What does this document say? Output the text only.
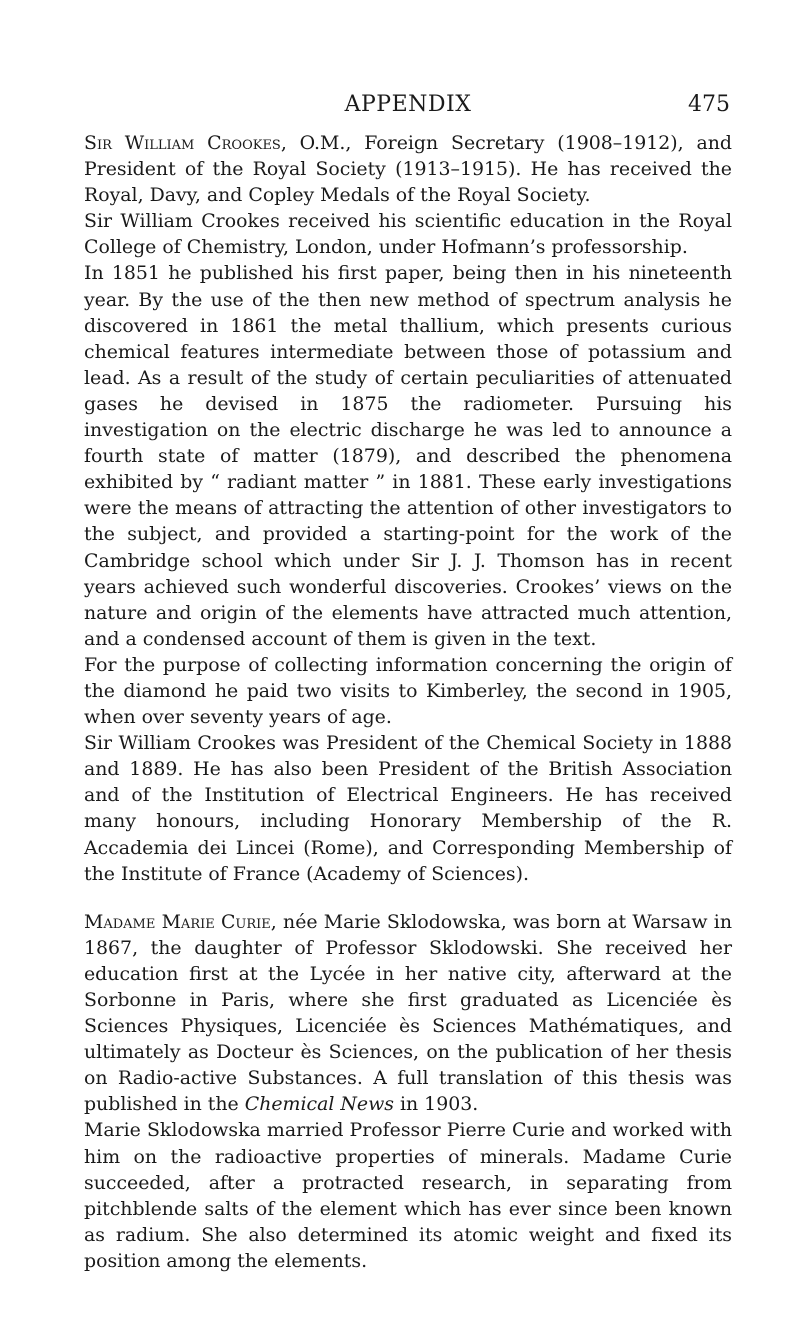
APPENDIX	475

Sir William Crookes, O.M., Foreign Secretary (1908–1912), and President of the Royal Society (1913–1915). He has received the Royal, Davy, and Copley Medals of the Royal Society.

Sir William Crookes received his scientific education in the Royal College of Chemistry, London, under Hofmann’s professorship.

In 1851 he published his first paper, being then in his nineteenth year. By the use of the then new method of spectrum analysis he discovered in 1861 the metal thallium, which presents curious chemical features intermediate between those of potassium and lead. As a result of the study of certain peculiarities of attenuated gases he devised in 1875 the radiometer. Pursuing his investigation on the electric discharge he was led to announce a fourth state of matter (1879), and described the phenomena exhibited by “ radiant matter ” in 1881. These early investigations were the means of attracting the attention of other investigators to the subject, and provided a starting-point for the work of the Cambridge school which under Sir J. J. Thomson has in recent years achieved such wonderful discoveries. Crookes’ views on the nature and origin of the elements have attracted much attention, and a condensed account of them is given in the text.

For the purpose of collecting information concerning the origin of the diamond he paid two visits to Kimberley, the second in 1905, when over seventy years of age.

Sir William Crookes was President of the Chemical Society in 1888 and 1889. He has also been President of the British Association and of the Institution of Electrical Engineers. He has received many honours, including Honorary Membership of the R. Accademia dei Lincei (Rome), and Corresponding Membership of the Institute of France (Academy of Sciences).

Madame Marie Curie, née Marie Sklodowska, was born at Warsaw in 1867, the daughter of Professor Sklodowski. She received her education first at the Lycée in her native city, afterward at the Sorbonne in Paris, where she first graduated as Licenciée ès Sciences Physiques, Licenciée ès Sciences Mathématiques, and ultimately as Docteur ès Sciences, on the publication of her thesis on Radio-active Substances. A full translation of this thesis was published in the Chemical News in 1903.

Marie Sklodowska married Professor Pierre Curie and worked with him on the radioactive properties of minerals. Madame Curie succeeded, after a protracted research, in separating from pitchblende salts of the element which has ever since been known as radium. She also determined its atomic weight and fixed its position among the elements.
